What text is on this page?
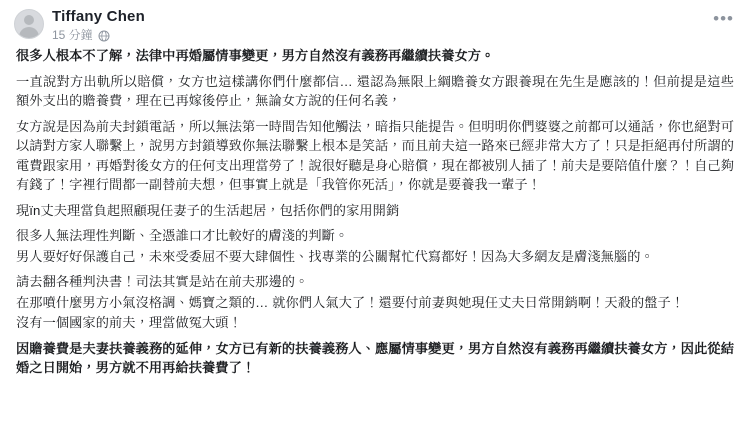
Tiffany Chen
15 分鐘
•••

很多人根本不了解，法律中再婚屬情事變更，男方自然沒有義務再繼續扶養女方。

一直說對方出軌所以賠償，女方也這樣講你們什麼都信… 還認為無限上綱贍養女方跟養現在先生是應該的！但前提是這些額外支出的贍養費，理在已再嫁後停止，無論女方說的任何名義，

女方說是因為前夫封鎖電話，所以無法第一時間告知他觸法，暗指只能提告。但明明你們婆婆之前都可以通話，你也絕對可以請對方家人聯繫上，說男方封鎖導致你無法聯繫上根本是笑話，而且前夫這一路來已經非常大方了！只是拒絕再付所謂的電費跟家用，再婚對後女方的任何支出理當勞了！說很好聽是身心賠償，現在都被別人插了！前夫是要陪值什麼？！自己夠有錢了！字裡行間都一副替前夫想，但事實上就是「我管你死活」，你就是要養我一輩子！

現ïn丈夫理當負起照顧現任妻子的生活起居，包括你們的家用開銷

很多人無法理性判斷、全憑誰口才比較好的膚淺的判斷。

男人要好好保護自己，未來受委屈不要大肆個性、找專業的公關幫忙代寫都好！因為大多網友是膚淺無腦的。

請去翻各種判決書！司法其實是站在前夫那邊的。

在那噴什麼男方小氣沒格調、媽寶之類的… 就你們人氣大了！還要付前妻與她現任丈夫日常開銷啊！天殺的盤子！

沒有一個國家的前夫，理當做冤大頭！

因贍養費是夫妻扶養義務的延伸，女方已有新的扶養義務人、應屬情事變更，男方自然沒有義務再繼續扶養女方，因此從結婚之日開始，男方就不用再給扶養費了！
